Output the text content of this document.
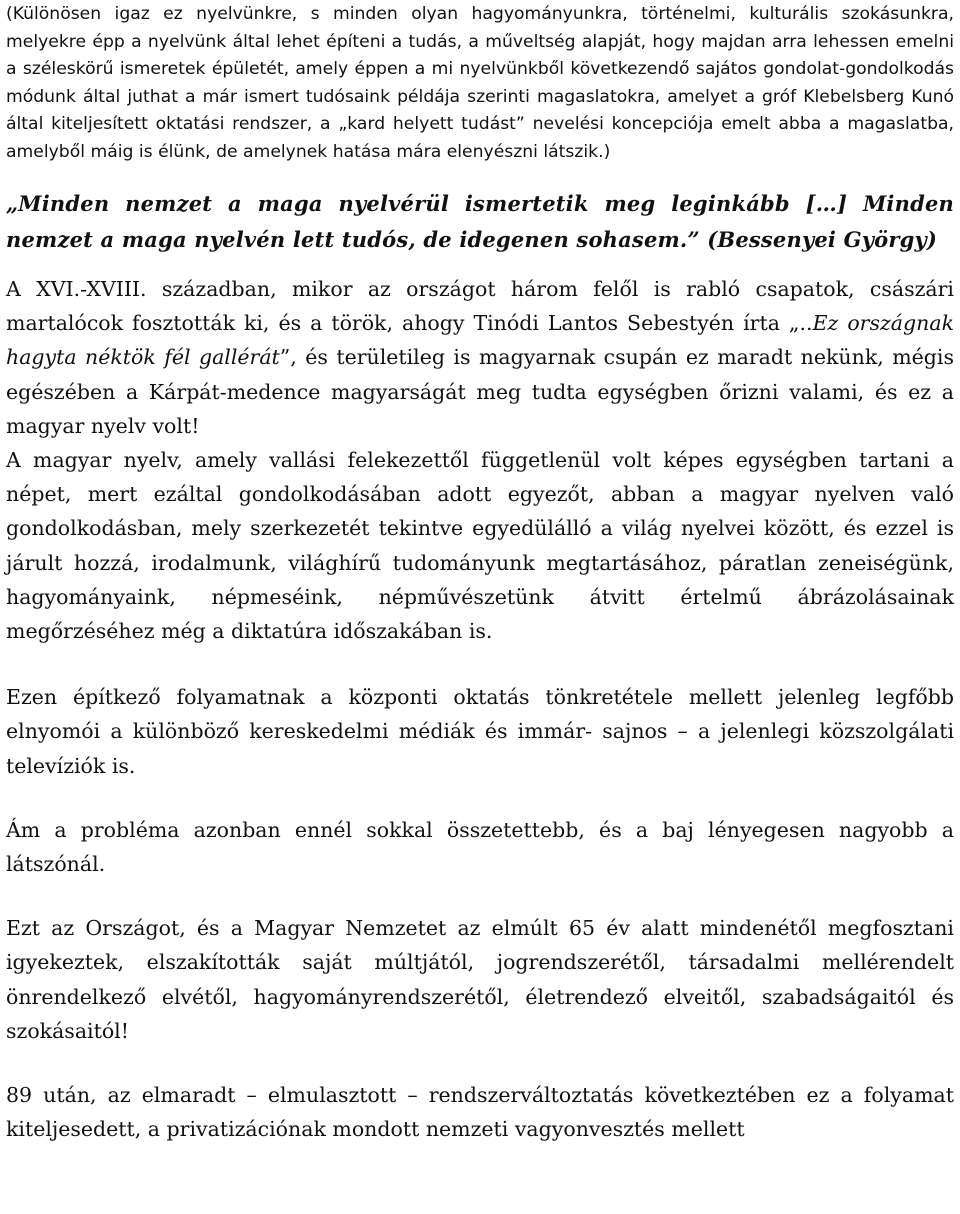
(Különösen igaz ez nyelvünkre, s minden olyan hagyományunkra, történelmi, kulturális szokásunkra, melyekre épp a nyelvünk által lehet építeni a tudás, a műveltség alapját, hogy majdan arra lehessen emelni a széleskörű ismeretek épületét, amely éppen a mi nyelvünkből következendő sajátos gondolat-gondolkodás módunk által juthat a már ismert tudósaink példája szerinti magaslatokra, amelyet a gróf Klebelsberg Kunó által kiteljesített oktatási rendszer, a „kard helyett tudást” nevelési koncepciója emelt abba a magaslatba, amelyből máig is élünk, de amelynek hatása mára elenyészni látszik.)

„Minden nemzet a maga nyelvérül ismertetik meg leginkább […] Minden nemzet a maga nyelvén lett tudós, de idegenen sohasem.” (Bessenyei György)

A XVI.-XVIII. században, mikor az országot három felől is rabló csapatok, császári martalócok fosztották ki, és a török, ahogy Tinódi Lantos Sebestyén írta „..Ez országnak hagyta néktök fél gallérát”, és területileg is magyarnak csupán ez maradt nekünk, mégis egészében a Kárpát-medence magyarságát meg tudta egységben őrizni valami, és ez a magyar nyelv volt!

A magyar nyelv, amely vallási felekezettől függetlenül volt képes egységben tartani a népet, mert ezáltal gondolkodásában adott egyezőt, abban a magyar nyelven való gondolkodásban, mely szerkezetét tekintve egyedülálló a világ nyelvei között, és ezzel is járult hozzá, irodalmunk, világhírű tudományunk megtartásához, páratlan zeneiségünk, hagyományaink, népmeséink, népművészetünk átvitt értelmű ábrázolásainak megőrzéséhez még a diktatúra időszakában is.

Ezen építkező folyamatnak a központi oktatás tönkretétele mellett jelenleg legfőbb elnyomói a különböző kereskedelmi médiák és immár- sajnos – a jelenlegi közszolgálati televíziók is.

Ám a probléma azonban ennél sokkal összetettebb, és a baj lényegesen nagyobb a látszónál.

Ezt az Országot, és a Magyar Nemzetet az elmúlt 65 év alatt mindenétől megfosztani igyekeztek, elszakították saját múltjától, jogrendszerétől, társadalmi mellérendelt önrendelkező elvétől, hagyományrendszerétől, életrendező elveitől, szabadságaitól és szokásaitól!

89 után, az elmaradt – elmulasztott – rendszerváltoztatás következtében ez a folyamat kiteljesedett, a privatizációnak mondott nemzeti vagyonvesztés mellett
